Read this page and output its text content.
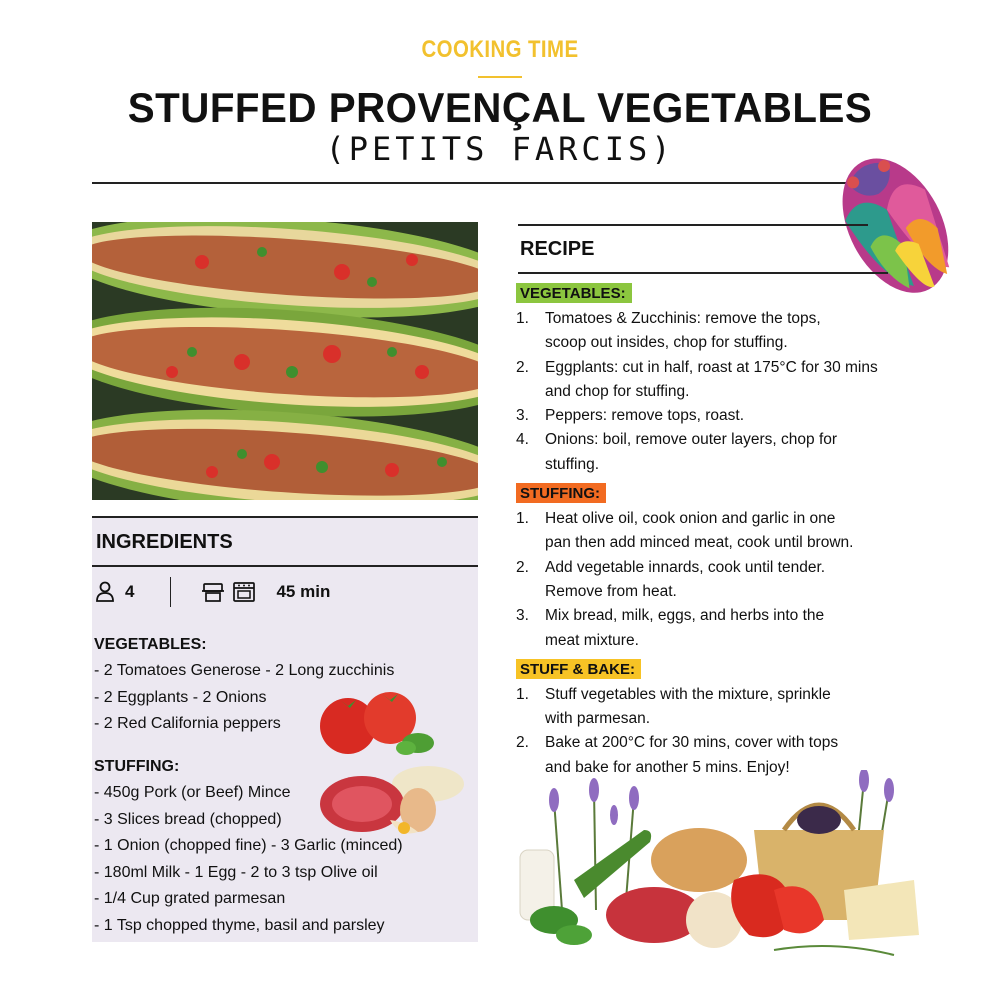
COOKING TIME
STUFFED PROVENÇAL VEGETABLES
(PETITS FARCIS)
INGREDIENTS
4	45 min
VEGETABLES:
- 2 Tomatoes Generose - 2 Long zucchinis
- 2 Eggplants - 2 Onions
- 2 Red California peppers
STUFFING:
- 450g Pork (or Beef) Mince
- 3 Slices bread (chopped)
- 1 Onion (chopped fine) - 3 Garlic (minced)
- 180ml Milk - 1 Egg - 2 to 3 tsp Olive oil
- 1/4 Cup grated parmesan
- 1 Tsp chopped thyme, basil and parsley
RECIPE
VEGETABLES:
1. Tomatoes & Zucchinis: remove the tops,
scoop out insides, chop for stuffing.
2. Eggplants: cut in half, roast at 175°C for 30 mins
and chop for stuffing.
3. Peppers: remove tops, roast.
4. Onions: boil, remove outer layers, chop for
stuffing.
STUFFING:
1. Heat olive oil, cook onion and garlic in one
pan then add minced meat, cook until brown.
2. Add vegetable innards, cook until tender.
Remove from heat.
3. Mix bread, milk, eggs, and herbs into the
meat mixture.
STUFF & BAKE:
1. Stuff vegetables with the mixture, sprinkle
with parmesan.
2. Bake at 200°C for 30 mins, cover with tops
and bake for another 5 mins. Enjoy!
